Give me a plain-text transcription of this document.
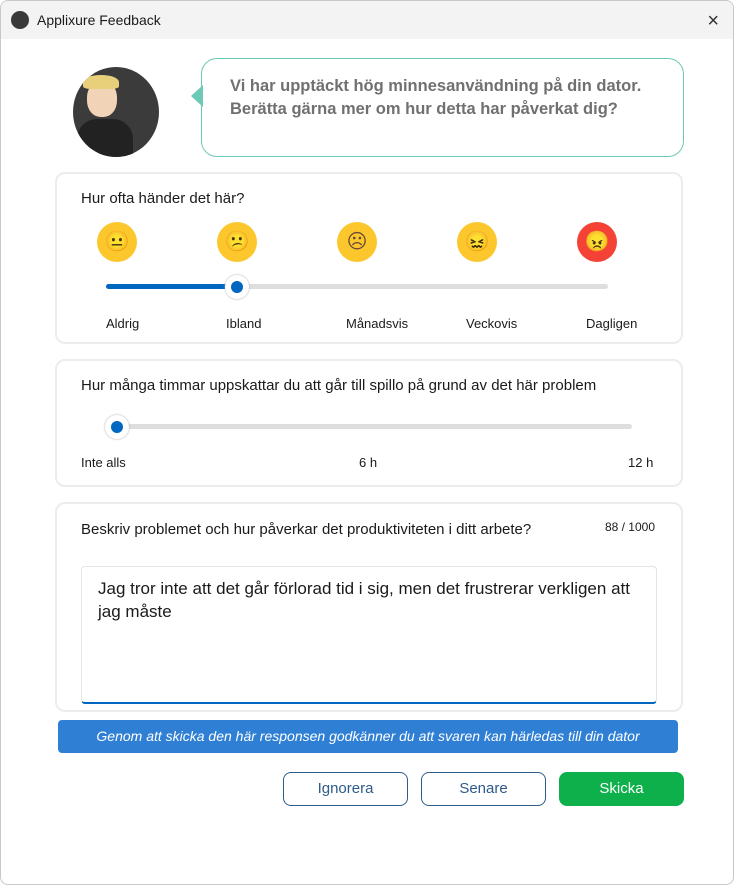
Applixure Feedback	×
Vi har upptäckt hög minnesanvändning på din dator. Berätta gärna mer om hur detta har påverkat dig?
Hur ofta händer det här?
😐	😕	☹	😖	😠
Aldrig	Ibland	Månadsvis	Veckovis	Dagligen
Hur många timmar uppskattar du att går till spillo på grund av det här problem
Inte alls	6 h	12 h
Beskriv problemet och hur påverkar det produktiviteten i ditt arbete?	88 / 1000
Jag tror inte att det går förlorad tid i sig, men det frustrerar verkligen att jag måste
Genom att skicka den här responsen godkänner du att svaren kan härledas till din dator
Ignorera	Senare	Skicka
